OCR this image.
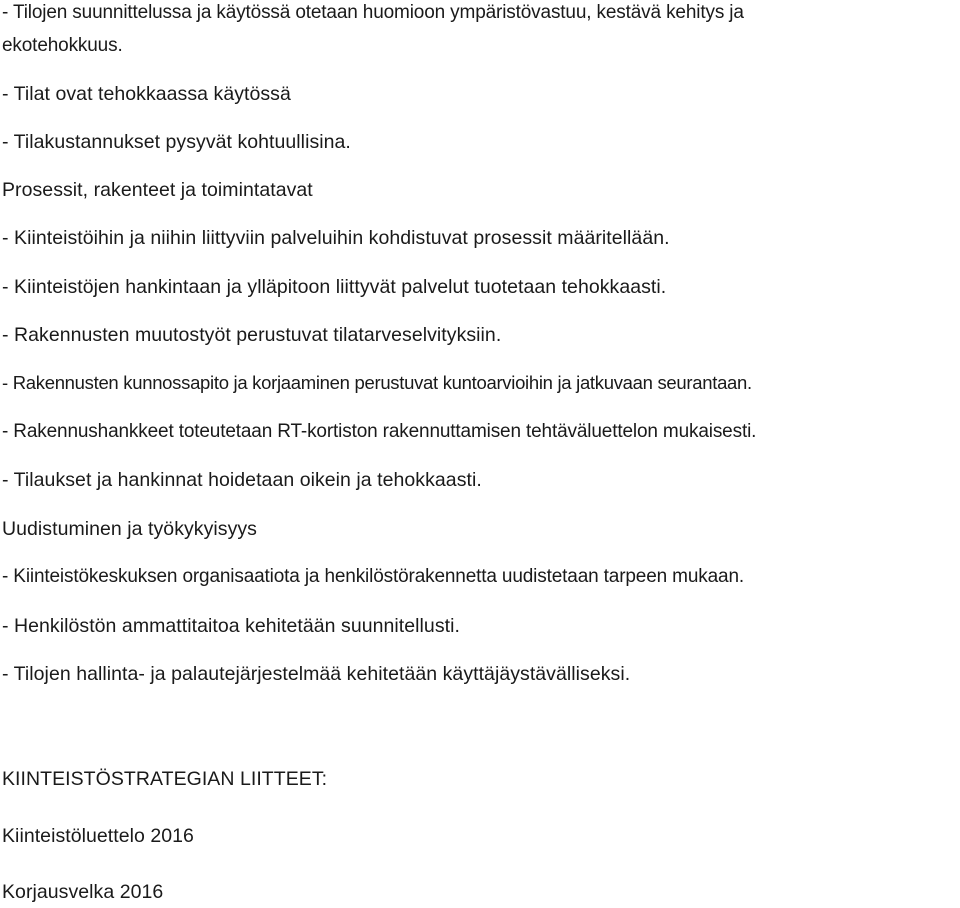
- Tilojen suunnittelussa ja käytössä otetaan huomioon ympäristövastuu, kestävä kehitys ja
ekotehokkuus.
- Tilat ovat tehokkaassa käytössä
- Tilakustannukset pysyvät kohtuullisina.
Prosessit, rakenteet ja toimintatavat
- Kiinteistöihin ja niihin liittyviin palveluihin kohdistuvat prosessit määritellään.
- Kiinteistöjen hankintaan ja ylläpitoon liittyvät palvelut tuotetaan tehokkaasti.
- Rakennusten muutostyöt perustuvat tilatarveselvityksiin.
- Rakennusten kunnossapito ja korjaaminen perustuvat kuntoarvioihin ja jatkuvaan seurantaan.
- Rakennushankkeet toteutetaan RT-kortiston rakennuttamisen tehtäväluettelon mukaisesti.
- Tilaukset ja hankinnat hoidetaan oikein ja tehokkaasti.
Uudistuminen ja työkykyisyys
- Kiinteistökeskuksen organisaatiota ja henkilöstörakennetta uudistetaan tarpeen mukaan.
- Henkilöstön ammattitaitoa kehitetään suunnitellusti.
- Tilojen hallinta- ja palautejärjestelmää kehitetään käyttäjäystävälliseksi.
KIINTEISTÖSTRATEGIAN LIITTEET:
Kiinteistöluettelo 2016
Korjausvelka 2016
